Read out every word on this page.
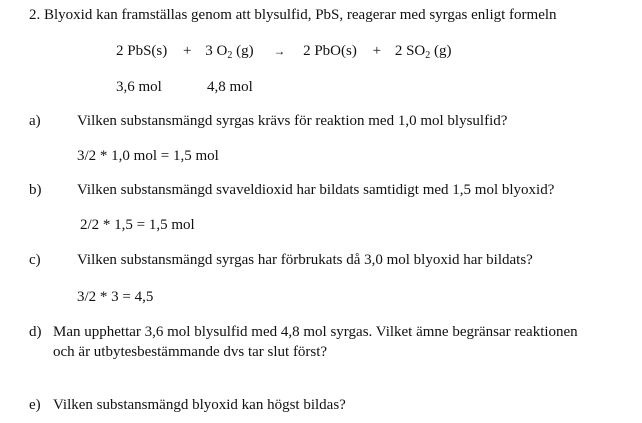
2. Blyoxid kan framställas genom att blysulfid, PbS, reagerar med syrgas enligt formeln
2 PbS(s) + 3 $O_2$ (g) → 2 PbO(s) + 2 $SO_2$ (g)
3,6 mol	4,8 mol
a) Vilken substansmängd syrgas krävs för reaktion med 1,0 mol blysulfid?
3/2 * 1,0 mol = 1,5 mol
b) Vilken substansmängd svaveldioxid har bildats samtidigt med 1,5 mol blyoxid?
2/2 * 1,5 = 1,5 mol
c) Vilken substansmängd syrgas har förbrukats då 3,0 mol blyoxid har bildats?
3/2 * 3 = 4,5
d) Man upphettar 3,6 mol blysulfid med 4,8 mol syrgas. Vilket ämne begränsar reaktionen
och är utbytesbestämmande dvs tar slut först?
e) Vilken substansmängd blyoxid kan högst bildas?
